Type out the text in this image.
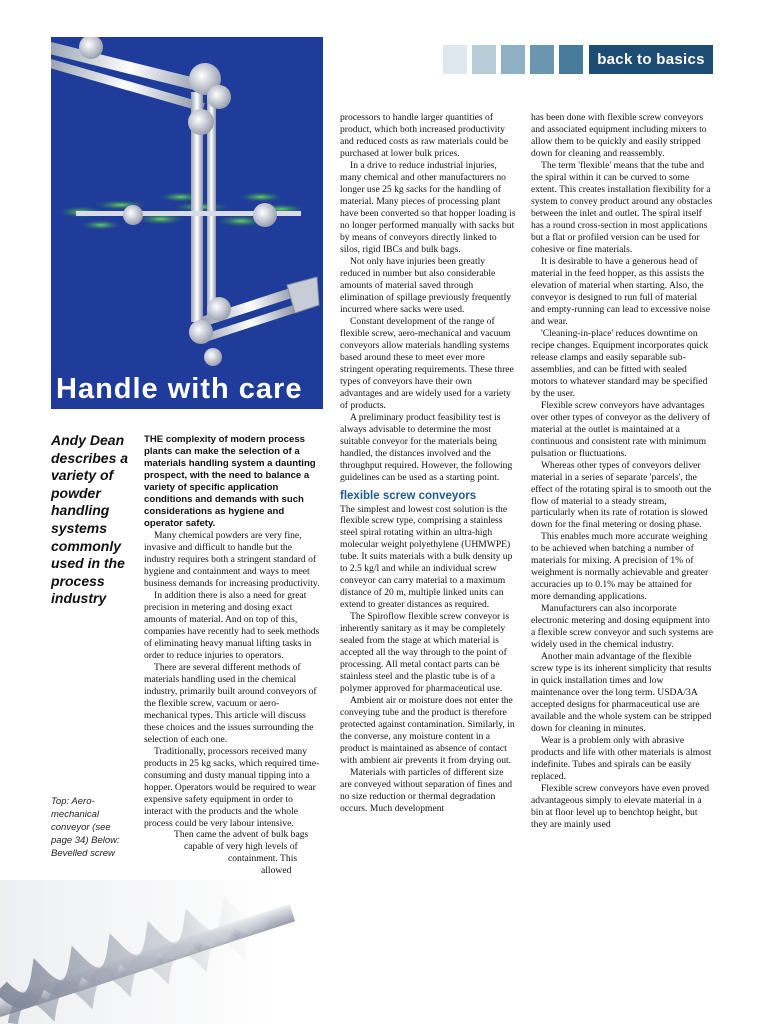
back to basics
Handle with care
Andy Dean describes a variety of powder handling systems commonly used in the process industry
Top: Aero-mechanical conveyor (see page 34) Below: Bevelled screw

THE complexity of modern process plants can make the selection of a materials handling system a daunting prospect, with the need to balance a variety of specific application conditions and demands with such considerations as hygiene and operator safety.

Many chemical powders are very fine, invasive and difficult to handle but the industry requires both a stringent standard of hygiene and containment and ways to meet business demands for increasing productivity.

In addition there is also a need for great precision in metering and dosing exact amounts of material. And on top of this, companies have recently had to seek methods of eliminating heavy manual lifting tasks in order to reduce injuries to operators.

There are several different methods of materials handling used in the chemical industry, primarily built around conveyors of the flexible screw, vacuum or aero-mechanical types. This article will discuss these choices and the issues surrounding the selection of each one.

Traditionally, processors received many products in 25 kg sacks, which required time-consuming and dusty manual tipping into a hopper. Operators would be required to wear expensive safety equipment in order to interact with the products and the whole process could be very labour intensive.

Then came the advent of bulk bags

capable of very high levels of

containment. This

allowed

processors to handle larger quantities of product, which both increased productivity and reduced costs as raw materials could be purchased at lower bulk prices.

In a drive to reduce industrial injuries, many chemical and other manufacturers no longer use 25 kg sacks for the handling of material. Many pieces of processing plant have been converted so that hopper loading is no longer performed manually with sacks but by means of conveyors directly linked to silos, rigid IBCs and bulk bags.

Not only have injuries been greatly reduced in number but also considerable amounts of material saved through elimination of spillage previously frequently incurred where sacks were used.

Constant development of the range of flexible screw, aero-mechanical and vacuum conveyors allow materials handling systems based around these to meet ever more stringent operating requirements. These three types of conveyors have their own advantages and are widely used for a variety of products.

A preliminary product feasibility test is always advisable to determine the most suitable conveyor for the materials being handled, the distances involved and the throughput required. However, the following guidelines can be used as a starting point.

flexible screw conveyors

The simplest and lowest cost solution is the flexible screw type, comprising a stainless steel spiral rotating within an ultra-high molecular weight polyethylene (UHMWPE) tube. It suits materials with a bulk density up to 2.5 kg/l and while an individual screw conveyor can carry material to a maximum distance of 20 m, multiple linked units can extend to greater distances as required.

The Spiroflow flexible screw conveyor is inherently sanitary as it may be completely sealed from the stage at which material is accepted all the way through to the point of processing. All metal contact parts can be stainless steel and the plastic tube is of a polymer approved for pharmaceutical use.

Ambient air or moisture does not enter the conveying tube and the product is therefore protected against contamination. Similarly, in the converse, any moisture content in a product is maintained as absence of contact with ambient air prevents it from drying out.

Materials with particles of different size are conveyed without separation of fines and no size reduction or thermal degradation occurs. Much development

has been done with flexible screw conveyors and associated equipment including mixers to allow them to be quickly and easily stripped down for cleaning and reassembly.

The term 'flexible' means that the tube and the spiral within it can be curved to some extent. This creates installation flexibility for a system to convey product around any obstacles between the inlet and outlet. The spiral itself has a round cross-section in most applications but a flat or profiled version can be used for cohesive or fine materials.

It is desirable to have a generous head of material in the feed hopper, as this assists the elevation of material when starting. Also, the conveyor is designed to run full of material and empty-running can lead to excessive noise and wear.

'Cleaning-in-place' reduces downtime on recipe changes. Equipment incorporates quick release clamps and easily separable sub-assemblies, and can be fitted with sealed motors to whatever standard may be specified by the user.

Flexible screw conveyors have advantages over other types of conveyor as the delivery of material at the outlet is maintained at a continuous and consistent rate with minimum pulsation or fluctuations.

Whereas other types of conveyors deliver material in a series of separate 'parcels', the effect of the rotating spiral is to smooth out the flow of material to a steady stream, particularly when its rate of rotation is slowed down for the final metering or dosing phase.

This enables much more accurate weighing to be achieved when batching a number of materials for mixing. A precision of 1% of weighment is normally achievable and greater accuracies up to 0.1% may be attained for more demanding applications.

Manufacturers can also incorporate electronic metering and dosing equipment into a flexible screw conveyor and such systems are widely used in the chemical industry.

Another main advantage of the flexible screw type is its inherent simplicity that results in quick installation times and low maintenance over the long term. USDA/3A accepted designs for pharmaceutical use are available and the whole system can be stripped down for cleaning in minutes.

Wear is a problem only with abrasive products and life with other materials is almost indefinite. Tubes and spirals can be easily replaced.

Flexible screw conveyors have even proved advantageous simply to elevate material in a bin at floor level up to benchtop height, but they are mainly used
